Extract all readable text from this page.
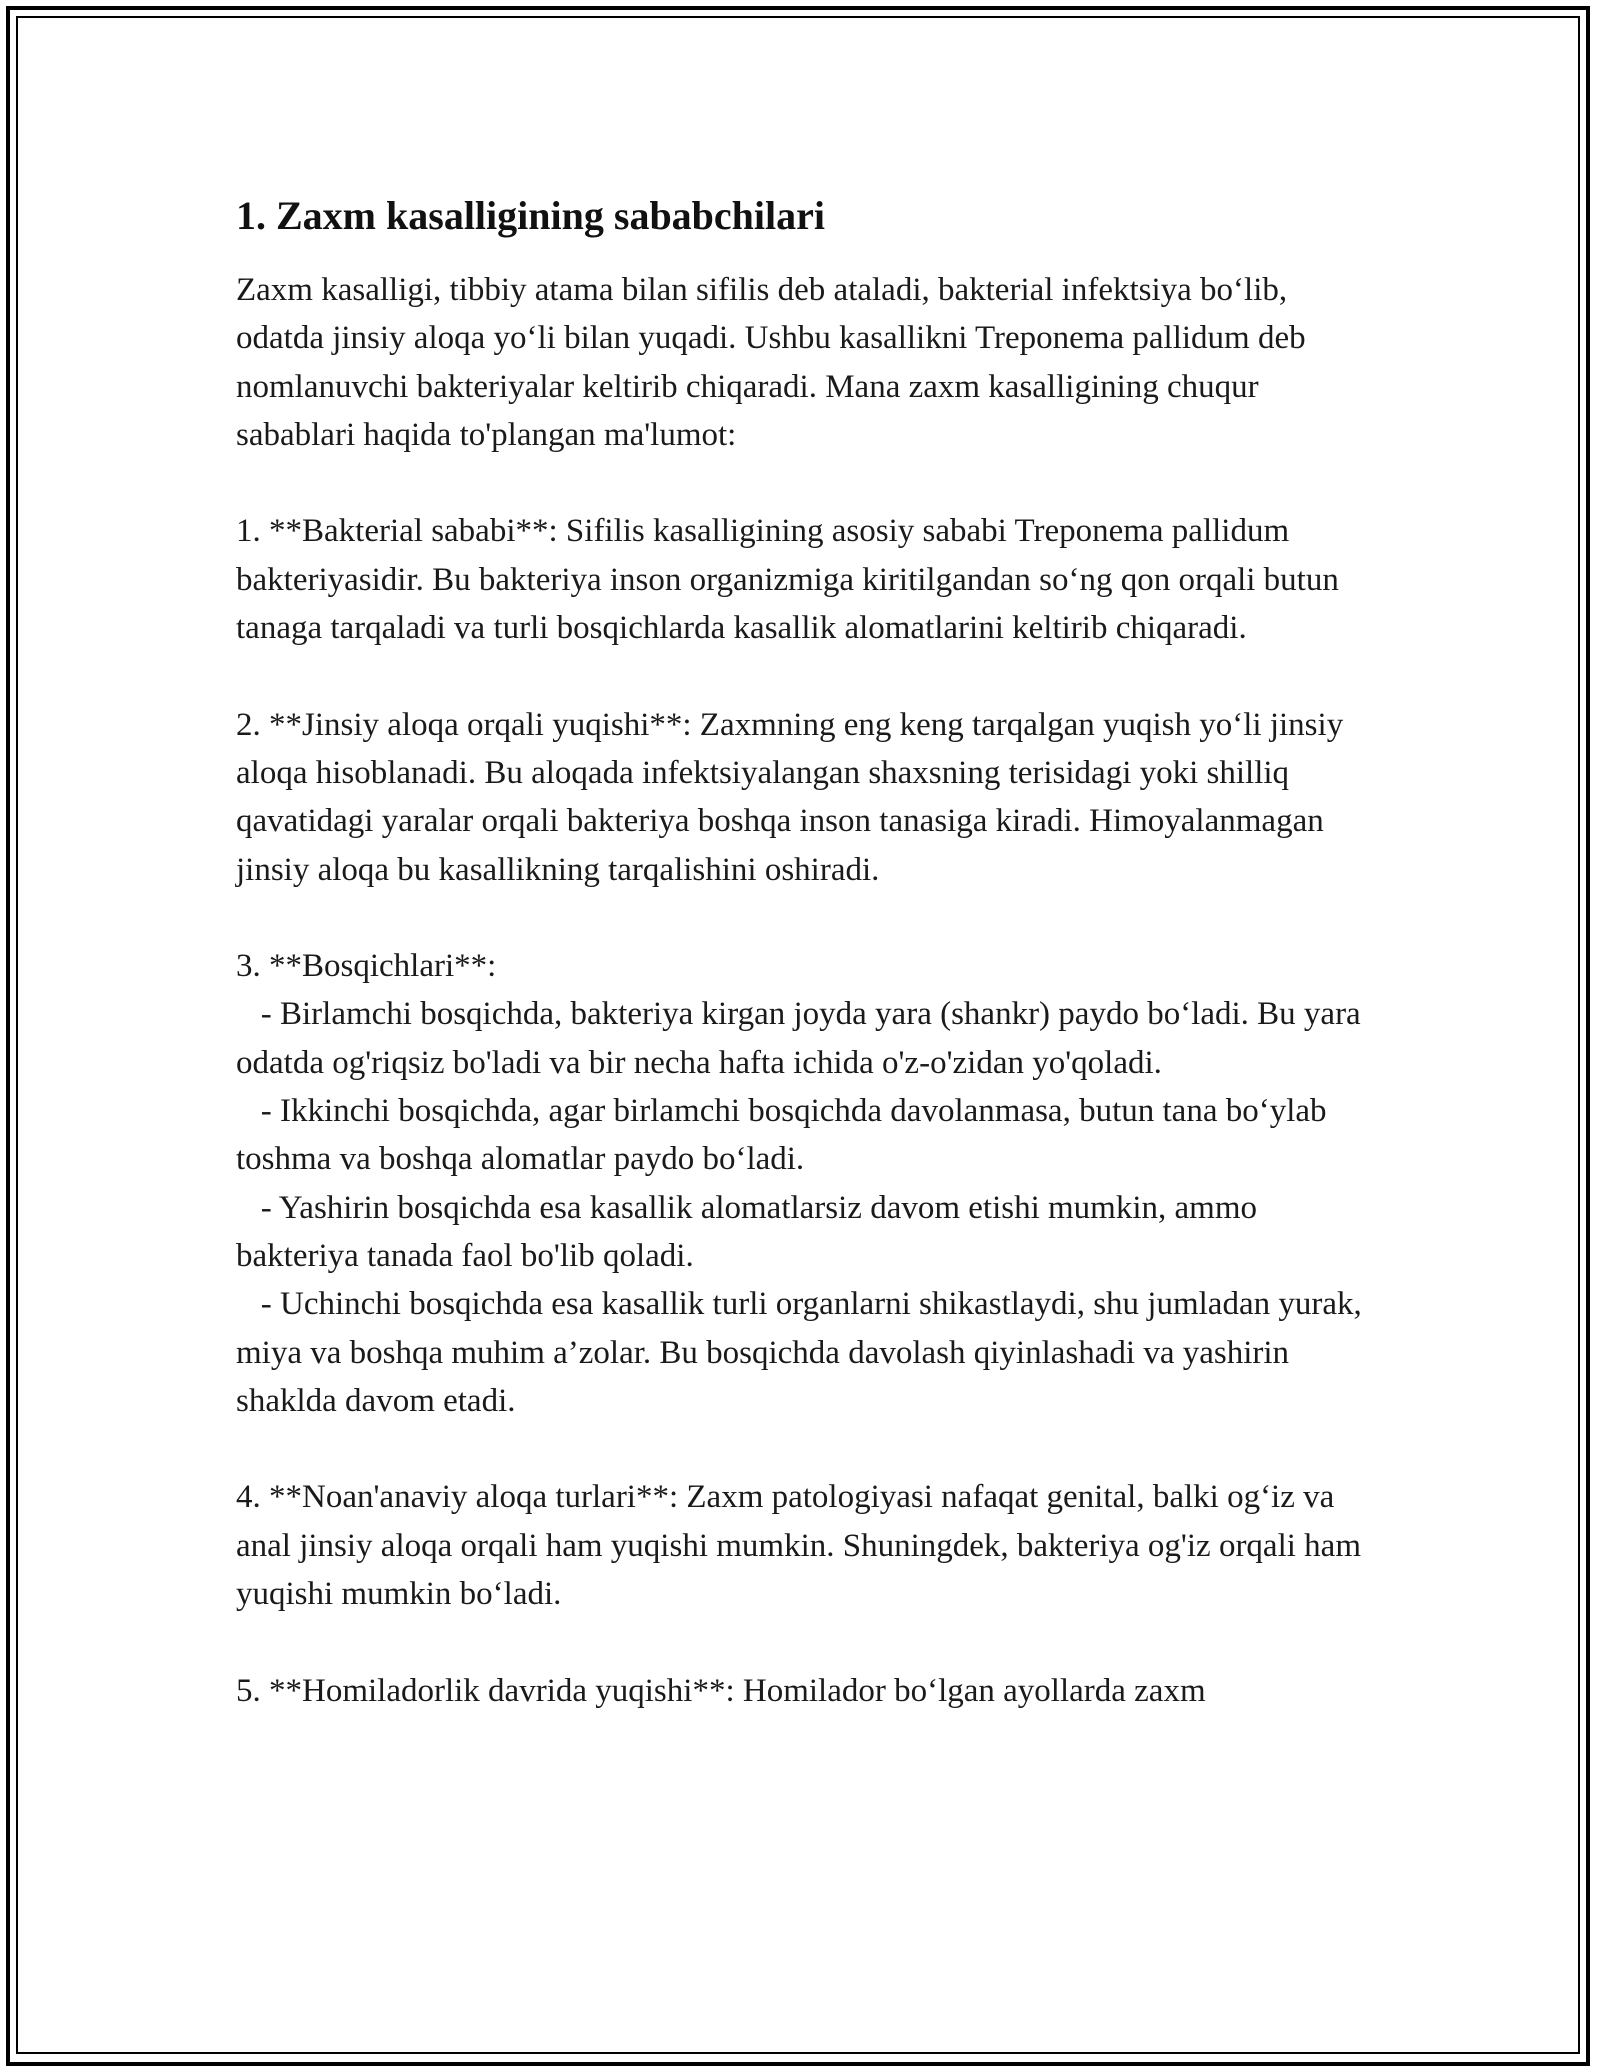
1. Zaxm kasalligining sababchilari

Zaxm kasalligi, tibbiy atama bilan sifilis deb ataladi, bakterial infektsiya bo‘lib, odatda jinsiy aloqa yo‘li bilan yuqadi. Ushbu kasallikni Treponema pallidum deb nomlanuvchi bakteriyalar keltirib chiqaradi. Mana zaxm kasalligining chuqur sabablari haqida to'plangan ma'lumot:

1. **Bakterial sababi**: Sifilis kasalligining asosiy sababi Treponema pallidum bakteriyasidir. Bu bakteriya inson organizmiga kiritilgandan so‘ng qon orqali butun tanaga tarqaladi va turli bosqichlarda kasallik alomatlarini keltirib chiqaradi.

2. **Jinsiy aloqa orqali yuqishi**: Zaxmning eng keng tarqalgan yuqish yo‘li jinsiy aloqa hisoblanadi. Bu aloqada infektsiyalangan shaxsning terisidagi yoki shilliq qavatidagi yaralar orqali bakteriya boshqa inson tanasiga kiradi. Himoyalanmagan jinsiy aloqa bu kasallikning tarqalishini oshiradi.

3. **Bosqichlari**:
- Birlamchi bosqichda, bakteriya kirgan joyda yara (shankr) paydo bo‘ladi. Bu yara odatda og'riqsiz bo'ladi va bir necha hafta ichida o'z-o'zidan yo'qoladi.
- Ikkinchi bosqichda, agar birlamchi bosqichda davolanmasa, butun tana bo‘ylab toshma va boshqa alomatlar paydo bo‘ladi.
- Yashirin bosqichda esa kasallik alomatlarsiz davom etishi mumkin, ammo bakteriya tanada faol bo'lib qoladi.
- Uchinchi bosqichda esa kasallik turli organlarni shikastlaydi, shu jumladan yurak, miya va boshqa muhim a’zolar. Bu bosqichda davolash qiyinlashadi va yashirin shaklda davom etadi.

4. **Noan'anaviy aloqa turlari**: Zaxm patologiyasi nafaqat genital, balki og‘iz va anal jinsiy aloqa orqali ham yuqishi mumkin. Shuningdek, bakteriya og'iz orqali ham yuqishi mumkin bo‘ladi.

5. **Homiladorlik davrida yuqishi**: Homilador bo‘lgan ayollarda zaxm
